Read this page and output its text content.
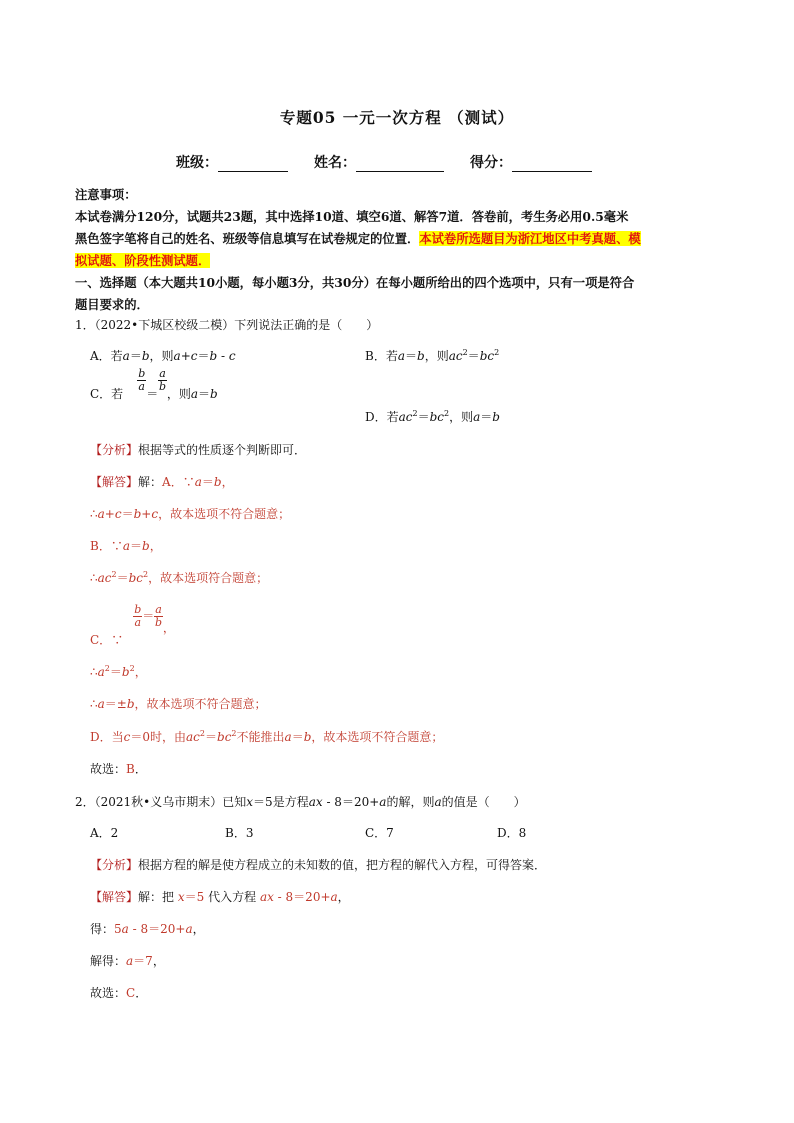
专题05 一元一次方程 （测试）
班级：	姓名：	得分：
注意事项：
本试卷满分120分，试题共23题，其中选择10道、填空6道、解答7道．答卷前，考生务必用0.5毫米
黑色签字笔将自己的姓名、班级等信息填写在试卷规定的位置．本试卷所选题目为浙江地区中考真题、模
拟试题、阶段性测试题．
一、选择题（本大题共10小题，每小题3分，共30分）在每小题所给出的四个选项中，只有一项是符合
题目要求的．
1．（2022•下城区校级二模）下列说法正确的是（　　）
A．若a＝b，则a+c＝b - c	B．若a＝b，则$ac^2=bc^2$
C．若
$\frac{b}{a}$
＝
$\frac{a}{b}$
，则a＝b
D．若$ac^2=bc^2$，则a＝b
【分析】根据等式的性质逐个判断即可．
【解答】解：A．∵a＝b，
∴a+c＝b+c，故本选项不符合题意；
B．∵a＝b，
$\therefore ac^2=bc^2$，故本选项符合题意；
C．∵
$\frac{b}{a} = \frac{a}{b}$ ，
$\therefore a^2=b^2$，
∴a＝±b，故本选项不符合题意；
D．当c＝0时，由$ac^2=bc^2$不能推出a＝b，故本选项不符合题意；
故选：B．
2．（2021秋•义乌市期末）已知x＝5是方程ax - 8＝20+a的解，则a的值是（　　）
A．2	B．3	C．7	D．8
【分析】根据方程的解是使方程成立的未知数的值，把方程的解代入方程，可得答案．
【解答】解：把 x＝5 代入方程 ax - 8＝20+a，
得：5a - 8＝20+a，
解得：a＝7，
故选：C．
